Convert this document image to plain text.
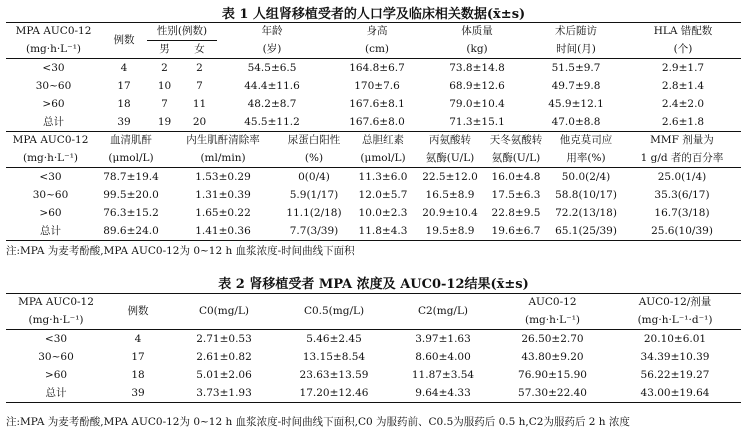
表 1 人组肾移植受者的人口学及临床相关数据(x̄±s)
MPA AUC0-12	例数	性别(例数)		年龄	身高	体质量	术后随访	HLA 错配数
(mg·h·L⁻¹)		男	女	(岁)	(cm)	(kg)	时间(月)	(个)
<30	4	2	2	54.5±6.5	164.8±6.7	73.8±14.8	51.5±9.7	2.9±1.7
30~60	17	10	7	44.4±11.6	170±7.6	68.9±12.6	49.7±9.8	2.8±1.4
>60	18	7	11	48.2±8.7	167.6±8.1	79.0±10.4	45.9±12.1	2.4±2.0
总计	39	19	20	45.5±11.2	167.6±8.0	71.3±15.1	47.0±8.8	2.6±1.8
MPA AUC0-12	血清肌酐	内生肌酐清除率	尿蛋白阳性	总胆红素	丙氨酸转	天冬氨酸转	他克莫司应	MMF 剂量为
(mg·h·L⁻¹)	(μmol/L)	(ml/min)	(%)	(μmol/L)	氨酶(U/L)	氨酶(U/L)	用率(%)	1 g/d 者的百分率
<30	78.7±19.4	1.53±0.29	0(0/4)	11.3±6.0	22.5±12.0	16.0±4.8	50.0(2/4)	25.0(1/4)
30~60	99.5±20.0	1.31±0.39	5.9(1/17)	12.0±5.7	16.5±8.9	17.5±6.3	58.8(10/17)	35.3(6/17)
>60	76.3±15.2	1.65±0.22	11.1(2/18)	10.0±2.3	20.9±10.4	22.8±9.5	72.2(13/18)	16.7(3/18)
总计	89.6±24.0	1.41±0.36	7.7(3/39)	11.8±4.3	19.5±8.9	19.6±6.7	65.1(25/39)	25.6(10/39)
注:MPA 为麦考酚酸,MPA AUC0-12为 0~12 h 血浆浓度-时间曲线下面积
表 2 肾移植受者 MPA 浓度及 AUC0-12结果(x̄±s)
MPA AUC0-12	例数	C0(mg/L)	C0.5(mg/L)	C2(mg/L)	AUC0-12	AUC0-12/剂量
(mg·h·L⁻¹)					(mg·h·L⁻¹)	(mg·h·L⁻¹·d⁻¹)
<30	4	2.71±0.53	5.46±2.45	3.97±1.63	26.50±2.70	20.10±6.01
30~60	17	2.61±0.82	13.15±8.54	8.60±4.00	43.80±9.20	34.39±10.39
>60	18	5.01±2.06	23.63±13.59	11.87±3.54	76.90±15.90	56.22±19.27
总计	39	3.73±1.93	17.20±12.46	9.64±4.33	57.30±22.40	43.00±19.64
注:MPA 为麦考酚酸,MPA AUC0-12为 0~12 h 血浆浓度-时间曲线下面积,C0 为服药前、C0.5为服药后 0.5 h,C2为服药后 2 h 浓度
